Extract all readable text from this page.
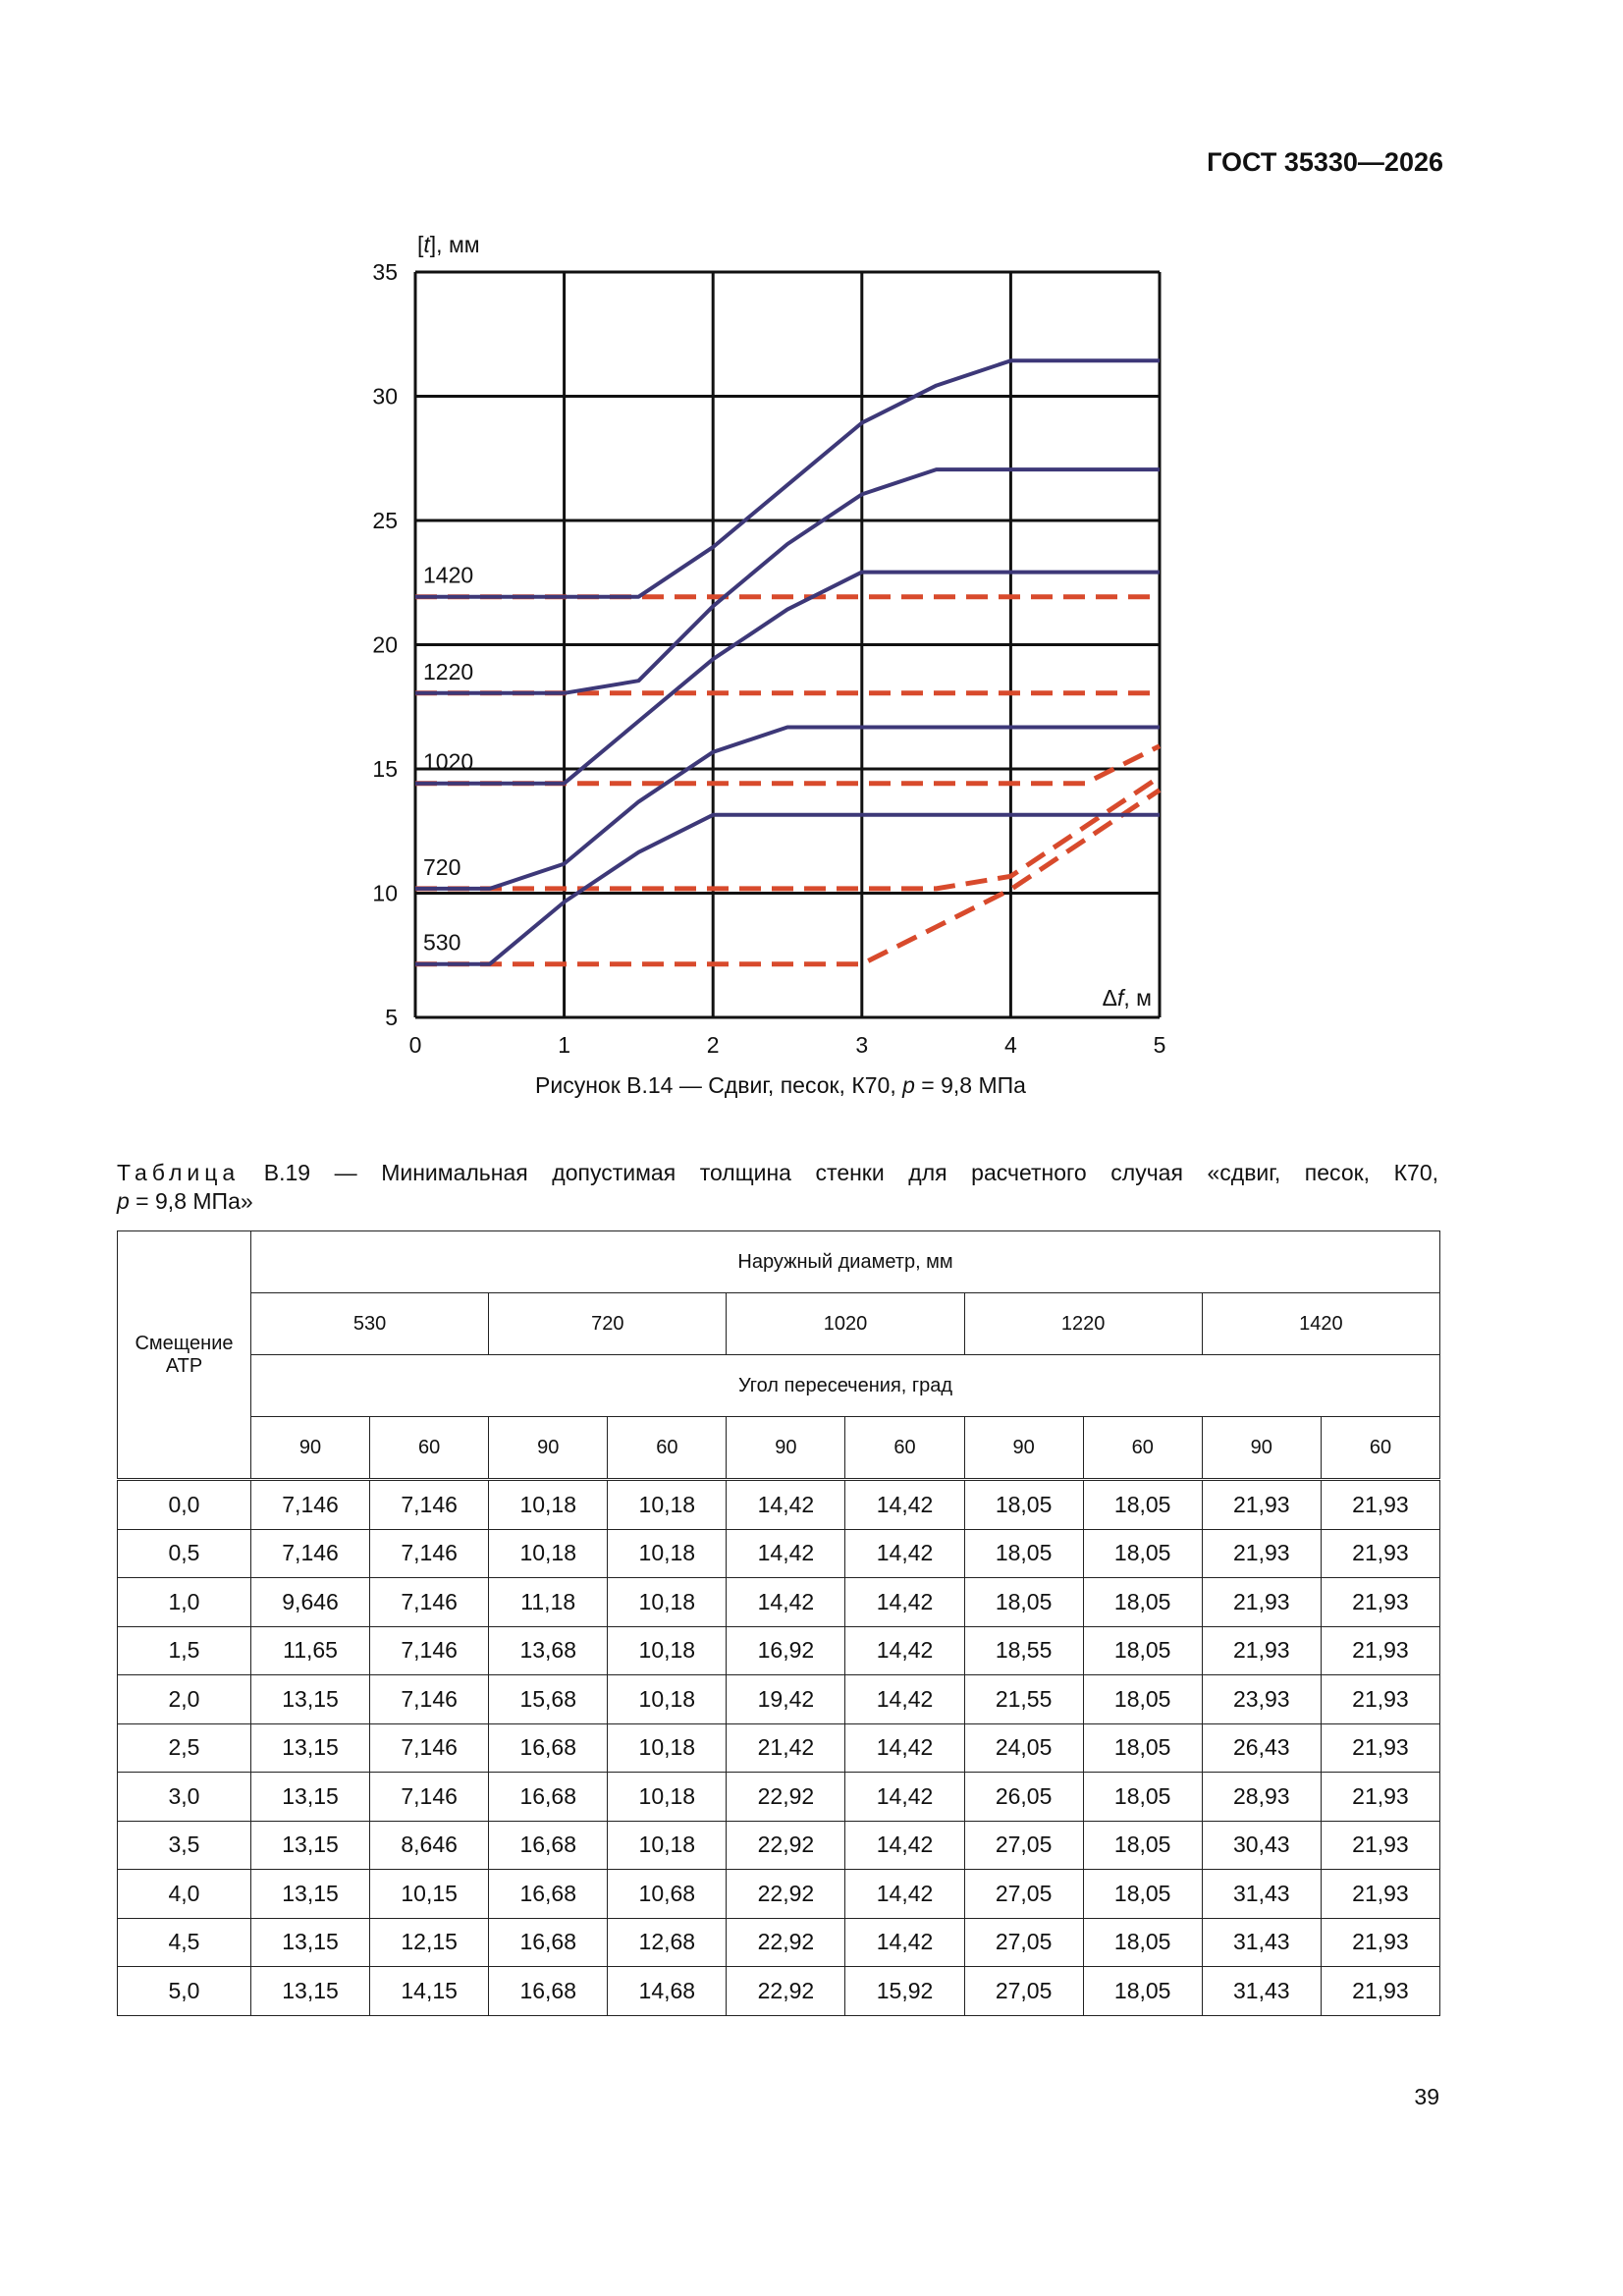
ГОСТ 35330—2026
0	1	2	3	4	5
5
10
15
20
25
30
35
[t], мм
Δf, м
530
720
1020
1220
1420
Рисунок В.14 — Сдвиг, песок, К70, p = 9,8 МПа
Таблица В.19 — Минимальная допустимая толщина стенки для расчетного случая «сдвиг, песок, К70,
p = 9,8 МПа»
Смещение АТР	Наружный диаметр, мм									
	530		720		1020		1220		1420	
	Угол пересечения, град									
	90	60	90	60	90	60	90	60	90	60
0,0	7,146	7,146	10,18	10,18	14,42	14,42	18,05	18,05	21,93	21,93
0,5	7,146	7,146	10,18	10,18	14,42	14,42	18,05	18,05	21,93	21,93
1,0	9,646	7,146	11,18	10,18	14,42	14,42	18,05	18,05	21,93	21,93
1,5	11,65	7,146	13,68	10,18	16,92	14,42	18,55	18,05	21,93	21,93
2,0	13,15	7,146	15,68	10,18	19,42	14,42	21,55	18,05	23,93	21,93
2,5	13,15	7,146	16,68	10,18	21,42	14,42	24,05	18,05	26,43	21,93
3,0	13,15	7,146	16,68	10,18	22,92	14,42	26,05	18,05	28,93	21,93
3,5	13,15	8,646	16,68	10,18	22,92	14,42	27,05	18,05	30,43	21,93
4,0	13,15	10,15	16,68	10,68	22,92	14,42	27,05	18,05	31,43	21,93
4,5	13,15	12,15	16,68	12,68	22,92	14,42	27,05	18,05	31,43	21,93
5,0	13,15	14,15	16,68	14,68	22,92	15,92	27,05	18,05	31,43	21,93
39
